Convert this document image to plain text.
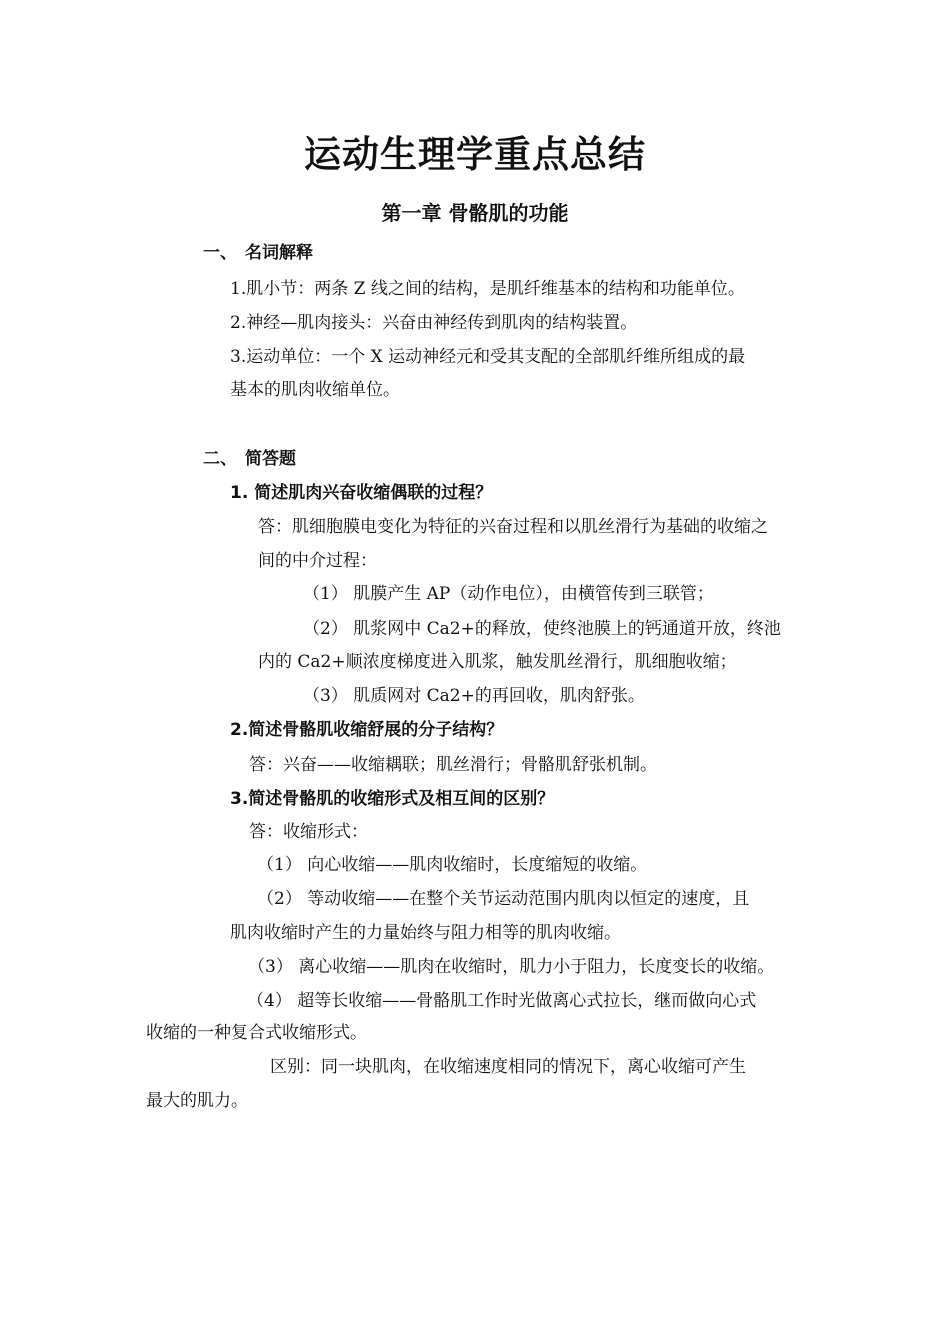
运动生理学重点总结
第一章 骨骼肌的功能
一、 名词解释
1.肌小节：两条 Z 线之间的结构，是肌纤维基本的结构和功能单位。
2.神经—肌肉接头：兴奋由神经传到肌肉的结构装置。
3.运动单位：一个 X 运动神经元和受其支配的全部肌纤维所组成的最
基本的肌肉收缩单位。
二、 简答题
1. 简述肌肉兴奋收缩偶联的过程？
答：肌细胞膜电变化为特征的兴奋过程和以肌丝滑行为基础的收缩之
间的中介过程：
（1） 肌膜产生 AP（动作电位），由横管传到三联管；
（2） 肌浆网中 Ca2+的释放，使终池膜上的钙通道开放，终池
内的 Ca2+顺浓度梯度进入肌浆，触发肌丝滑行，肌细胞收缩；
（3） 肌质网对 Ca2+的再回收，肌肉舒张。
2.简述骨骼肌收缩舒展的分子结构？
答：兴奋——收缩耦联；肌丝滑行；骨骼肌舒张机制。
3.简述骨骼肌的收缩形式及相互间的区别？
答：收缩形式：
（1） 向心收缩——肌肉收缩时，长度缩短的收缩。
（2） 等动收缩——在整个关节运动范围内肌肉以恒定的速度，且
肌肉收缩时产生的力量始终与阻力相等的肌肉收缩。
（3） 离心收缩——肌肉在收缩时，肌力小于阻力，长度变长的收缩。
（4） 超等长收缩——骨骼肌工作时光做离心式拉长，继而做向心式
收缩的一种复合式收缩形式。
区别：同一块肌肉，在收缩速度相同的情况下，离心收缩可产生
最大的肌力。
